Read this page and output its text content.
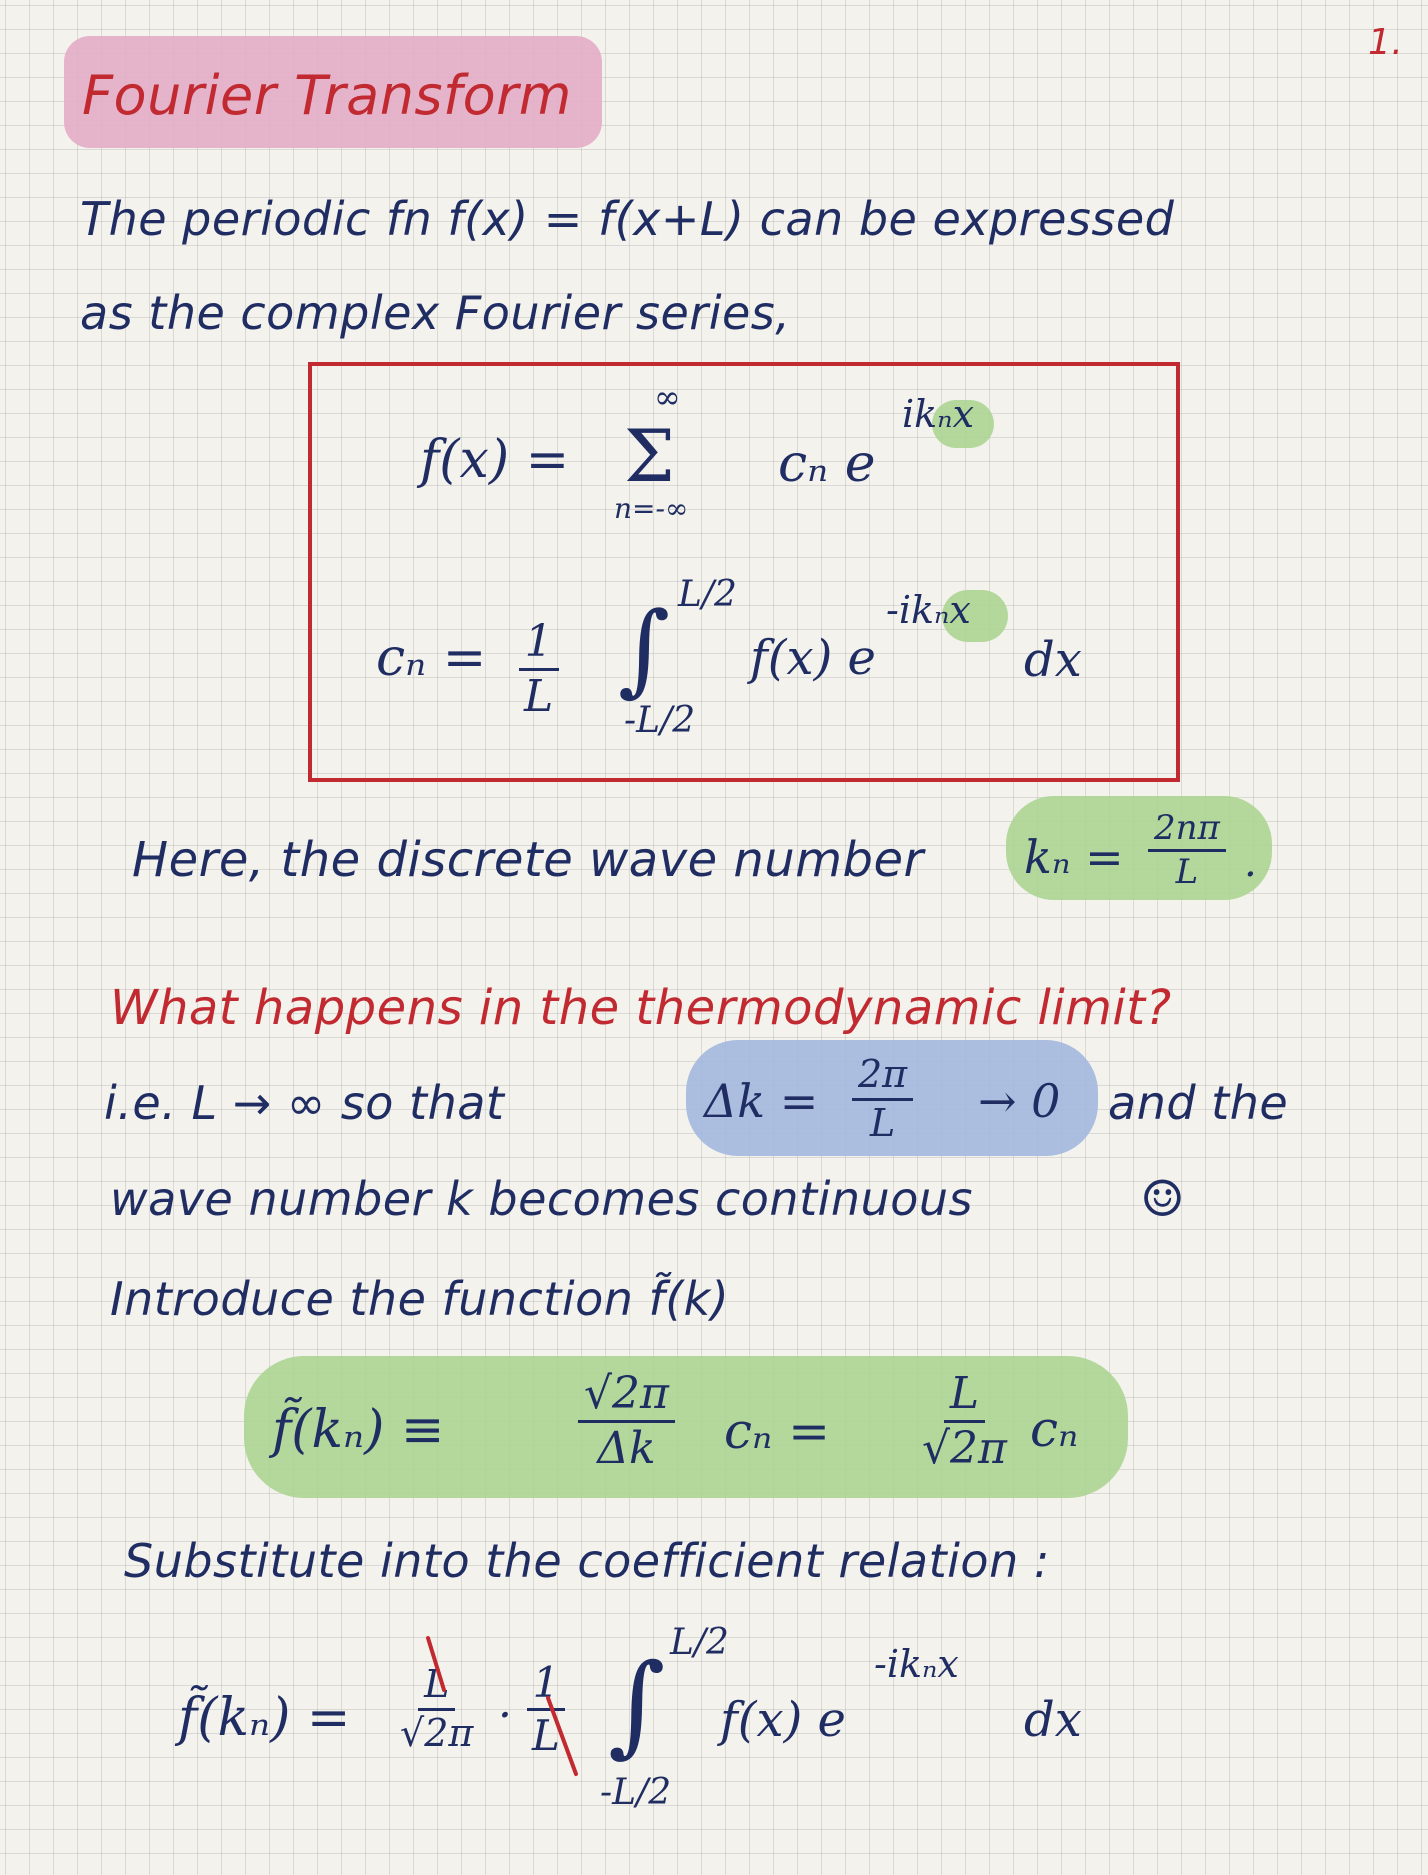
1.
Fourier Transform
The periodic fn f(x) = f(x+L) can be expressed
as the complex Fourier series,
f(x) =
∞
Σ
n=-∞
cₙ e
ikₙx
$c_n = \frac{1}{L}$ ∫ L/2
-L/2
f(x) e
-ikₙx
dx
Here, the discrete wave number $k_n = \frac{2n\pi}{L}$ .
What happens in the thermodynamic limit?
i.e. L → ∞ so that	$\Delta k = \frac{2\pi}{L} \to 0$ and the
wave number k becomes continuous	☺
Introduce the function f̃(k)
f̃(kₙ) ≡	$\frac{√2\pi}{\Delta k}$ $c_n = \frac{L}{√2\pi}$ cₙ
Substitute into the coefficient relation :
f̃(kₙ) = $\frac{L}{√2\pi} \cdot \frac{1}{L}$ ∫ L/2
-L/2
f(x) e
-ikₙx
dx
